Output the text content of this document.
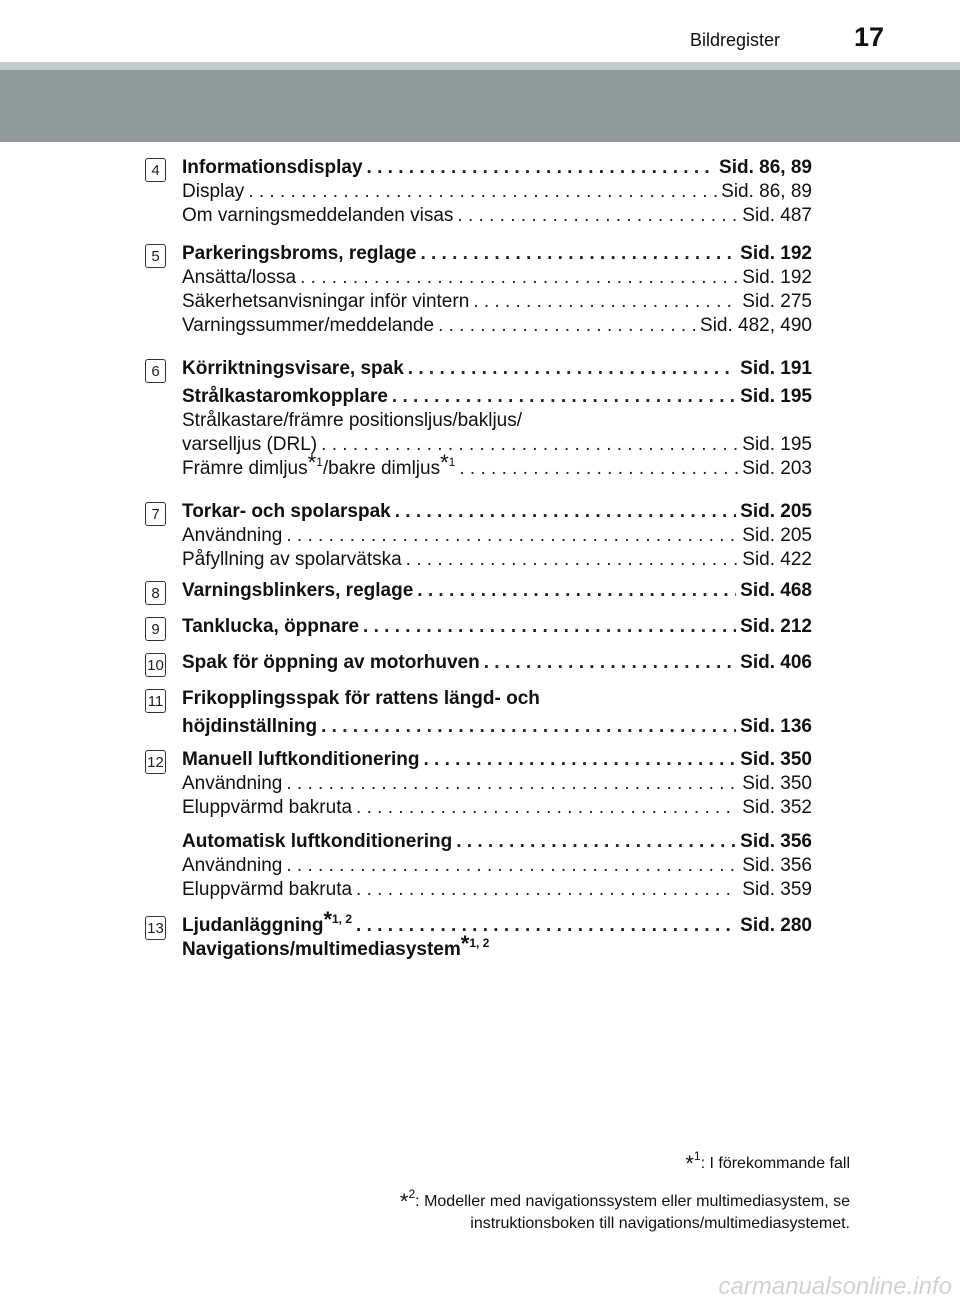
Bildregister	17
4	Informationsdisplay . . .	Sid. 86, 89
Display . . .	Sid. 86, 89
Om varningsmeddelanden visas . . .	Sid. 487
5	Parkeringsbroms, reglage . . .	Sid. 192
Ansätta/lossa . . .	Sid. 192
Säkerhetsanvisningar inför vintern . . .	Sid. 275
Varningssummer/meddelande . . .	Sid. 482, 490
6	Körriktningsvisare, spak . . .	Sid. 191
Strålkastaromkopplare . . .	Sid. 195
Strålkastare/främre positionsljus/bakljus/
varselljus (DRL) . . .	Sid. 195
Främre dimljus$^{*1}$/bakre dimljus$^{*1}$ . . .	Sid. 203
7	Torkar- och spolarspak . . .	Sid. 205
Användning . . .	Sid. 205
Påfyllning av spolarvätska . . .	Sid. 422
8	Varningsblinkers, reglage . . .	Sid. 468
9	Tanklucka, öppnare . . .	Sid. 212
10 Spak för öppning av motorhuven . . .	Sid. 406
11 Frikopplingsspak för rattens längd- och
höjdinställning . . .	Sid. 136
12 Manuell luftkonditionering . . .	Sid. 350
Användning . . .	Sid. 350
Eluppvärmd bakruta . . .	Sid. 352
Automatisk luftkonditionering . . .	Sid. 356
Användning . . .	Sid. 356
Eluppvärmd bakruta . . .	Sid. 359
13 Ljudanläggning$^{*1, 2}$ . . .	Sid. 280
Navigations/multimediasystem$^{*1, 2}$
*$^1$: I förekommande fall
*$^2$: Modeller med navigationssystem eller multimediasystem, se
instruktionsboken till navigations/multimediasystemet.
carmanualsonline.info
